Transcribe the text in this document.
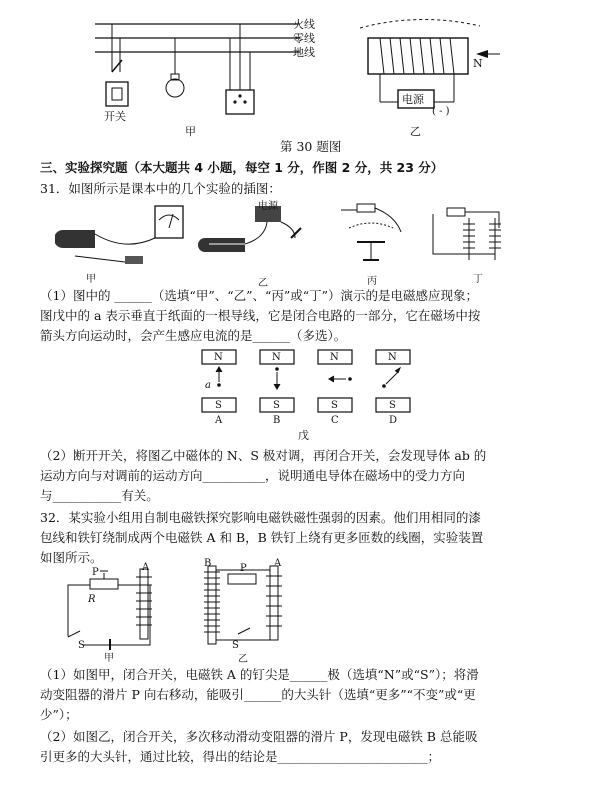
火线
零线
地线
开关
甲
电源
( - )
N
乙
第 30 题图
三、实验探究题（本大题共 4 小题，每空 1 分，作图 2 分，共 23 分）
31．如图所示是课本中的几个实验的插图：
甲
电源
乙	丙	丁
（1）图中的 ______（选填“甲”、“乙”、“丙”或“丁”）演示的是电磁感应现象；
图戊中的 a 表示垂直于纸面的一根导线，它是闭合电路的一部分，它在磁场中按
箭头方向运动时，会产生感应电流的是______（多选）。
N
S
A
N
S
B
N
S
C
N
S
D
a
戊
（2）断开开关，将图乙中磁体的 N、S 极对调，再闭合开关，会发现导体 ab 的
运动方向与对调前的运动方向__________，说明通电导体在磁场中的受力方向
与___________有关。
32．某实验小组用自制电磁铁探究影响电磁铁磁性强弱的因素。他们用相同的漆
包线和铁钉绕制成两个电磁铁 A 和 B，B 铁钉上绕有更多匝数的线圈，实验装置
如图所示。
P
R
A
S
甲
B	A
P
S
乙
（1）如图甲，闭合开关，电磁铁 A 的钉尖是______极（选填“N”或“S”）；将滑
动变阻器的滑片 P 向右移动，能吸引______的大头针（选填“更多”“不变”或“更
少”）；
（2）如图乙，闭合开关，多次移动滑动变阻器的滑片 P，发现电磁铁 B 总能吸
引更多的大头针，通过比较，得出的结论是________________________；
